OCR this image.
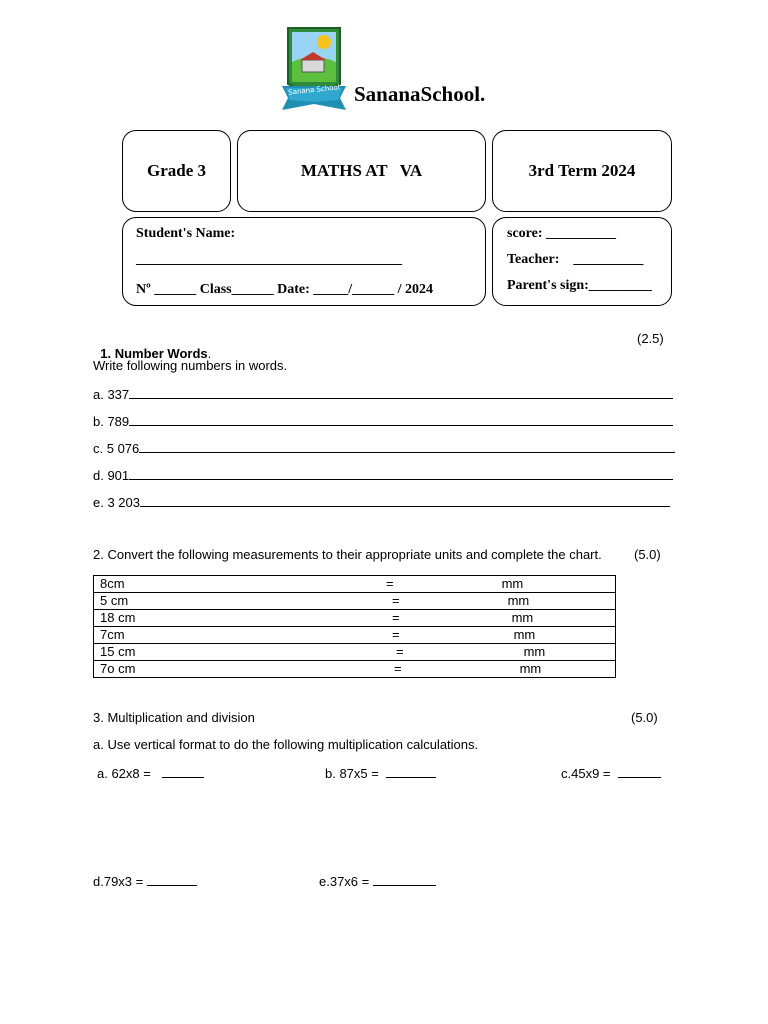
Sanana School SananaSchool.
Grade 3	MATHS AT   VA	3rd Term 2024
Student's Name:
______________________________________
Nº ______ Class______ Date: _____/______ / 2024
score: __________
Teacher:    __________
Parent's sign:_________

1. Number Words.

(2.5)
Write following numbers in words.
a. 337
b. 789
c. 5 076
d. 901
e. 3 203
2. Convert the following measurements to their appropriate units and complete the chart. (5.0)
8cm	=	mm
5 cm	=	mm
18 cm	=	mm
7cm	=	mm
15 cm	=	mm
7o cm	=	mm
3. Multiplication and division	(5.0)
a. Use vertical format to do the following multiplication calculations.
a. 62x8 =	b. 87x5 =	c.45x9 =
d.79x3 =	e.37x6 =
